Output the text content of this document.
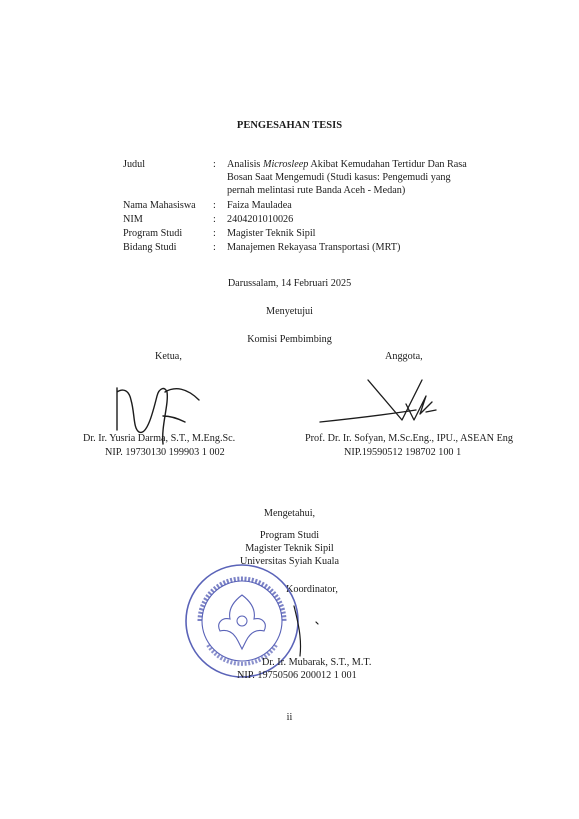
PENGESAHAN TESIS
Judul	:	Analisis Microsleep Akibat Kemudahan Tertidur Dan Rasa
Bosan Saat Mengemudi (Studi kasus: Pengemudi yang
pernah melintasi rute Banda Aceh - Medan)
Nama Mahasiswa	:	Faiza Mauladea
NIM	:	2404201010026
Program Studi	:	Magister Teknik Sipil
Bidang Studi	:	Manajemen Rekayasa Transportasi (MRT)
Darussalam, 14 Februari 2025
Menyetujui
Komisi Pembimbing
Ketua,
Dr. Ir. Yusria Darma, S.T., M.Eng.Sc.
NIP. 19730130 199903 1 002
Anggota,
Prof. Dr. Ir. Sofyan, M.Sc.Eng., IPU., ASEAN Eng
NIP.19590512 198702 100 1
Mengetahui,
Program Studi
Magister Teknik Sipil
Universitas Syiah Kuala
Koordinator,
Dr. Ir. Mubarak, S.T., M.T.
NIP. 19750506 200012 1 001
ii
